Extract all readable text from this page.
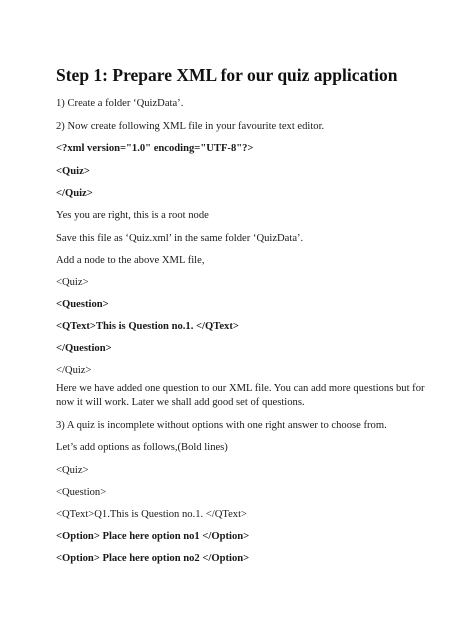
Step 1: Prepare XML for our quiz application

1) Create a folder ‘QuizData’.

2) Now create following XML file in your favourite text editor.

<?xml version="1.0" encoding="UTF-8"?>

<Quiz>

</Quiz>

Yes you are right, this is a root node

Save this file as ‘Quiz.xml’ in the same folder ‘QuizData’.

Add a node to the above XML file,

<Quiz>

<Question>

<QText>This is Question no.1. </QText>

</Question>

</Quiz>

Here we have added one question to our XML file. You can add more questions but for now it will work. Later we shall add good set of questions.

3) A quiz is incomplete without options with one right answer to choose from.

Let’s add options as follows,(Bold lines)

<Quiz>

<Question>

<QText>Q1.This is Question no.1. </QText>

<Option> Place here option no1 </Option>

<Option> Place here option no2 </Option>
